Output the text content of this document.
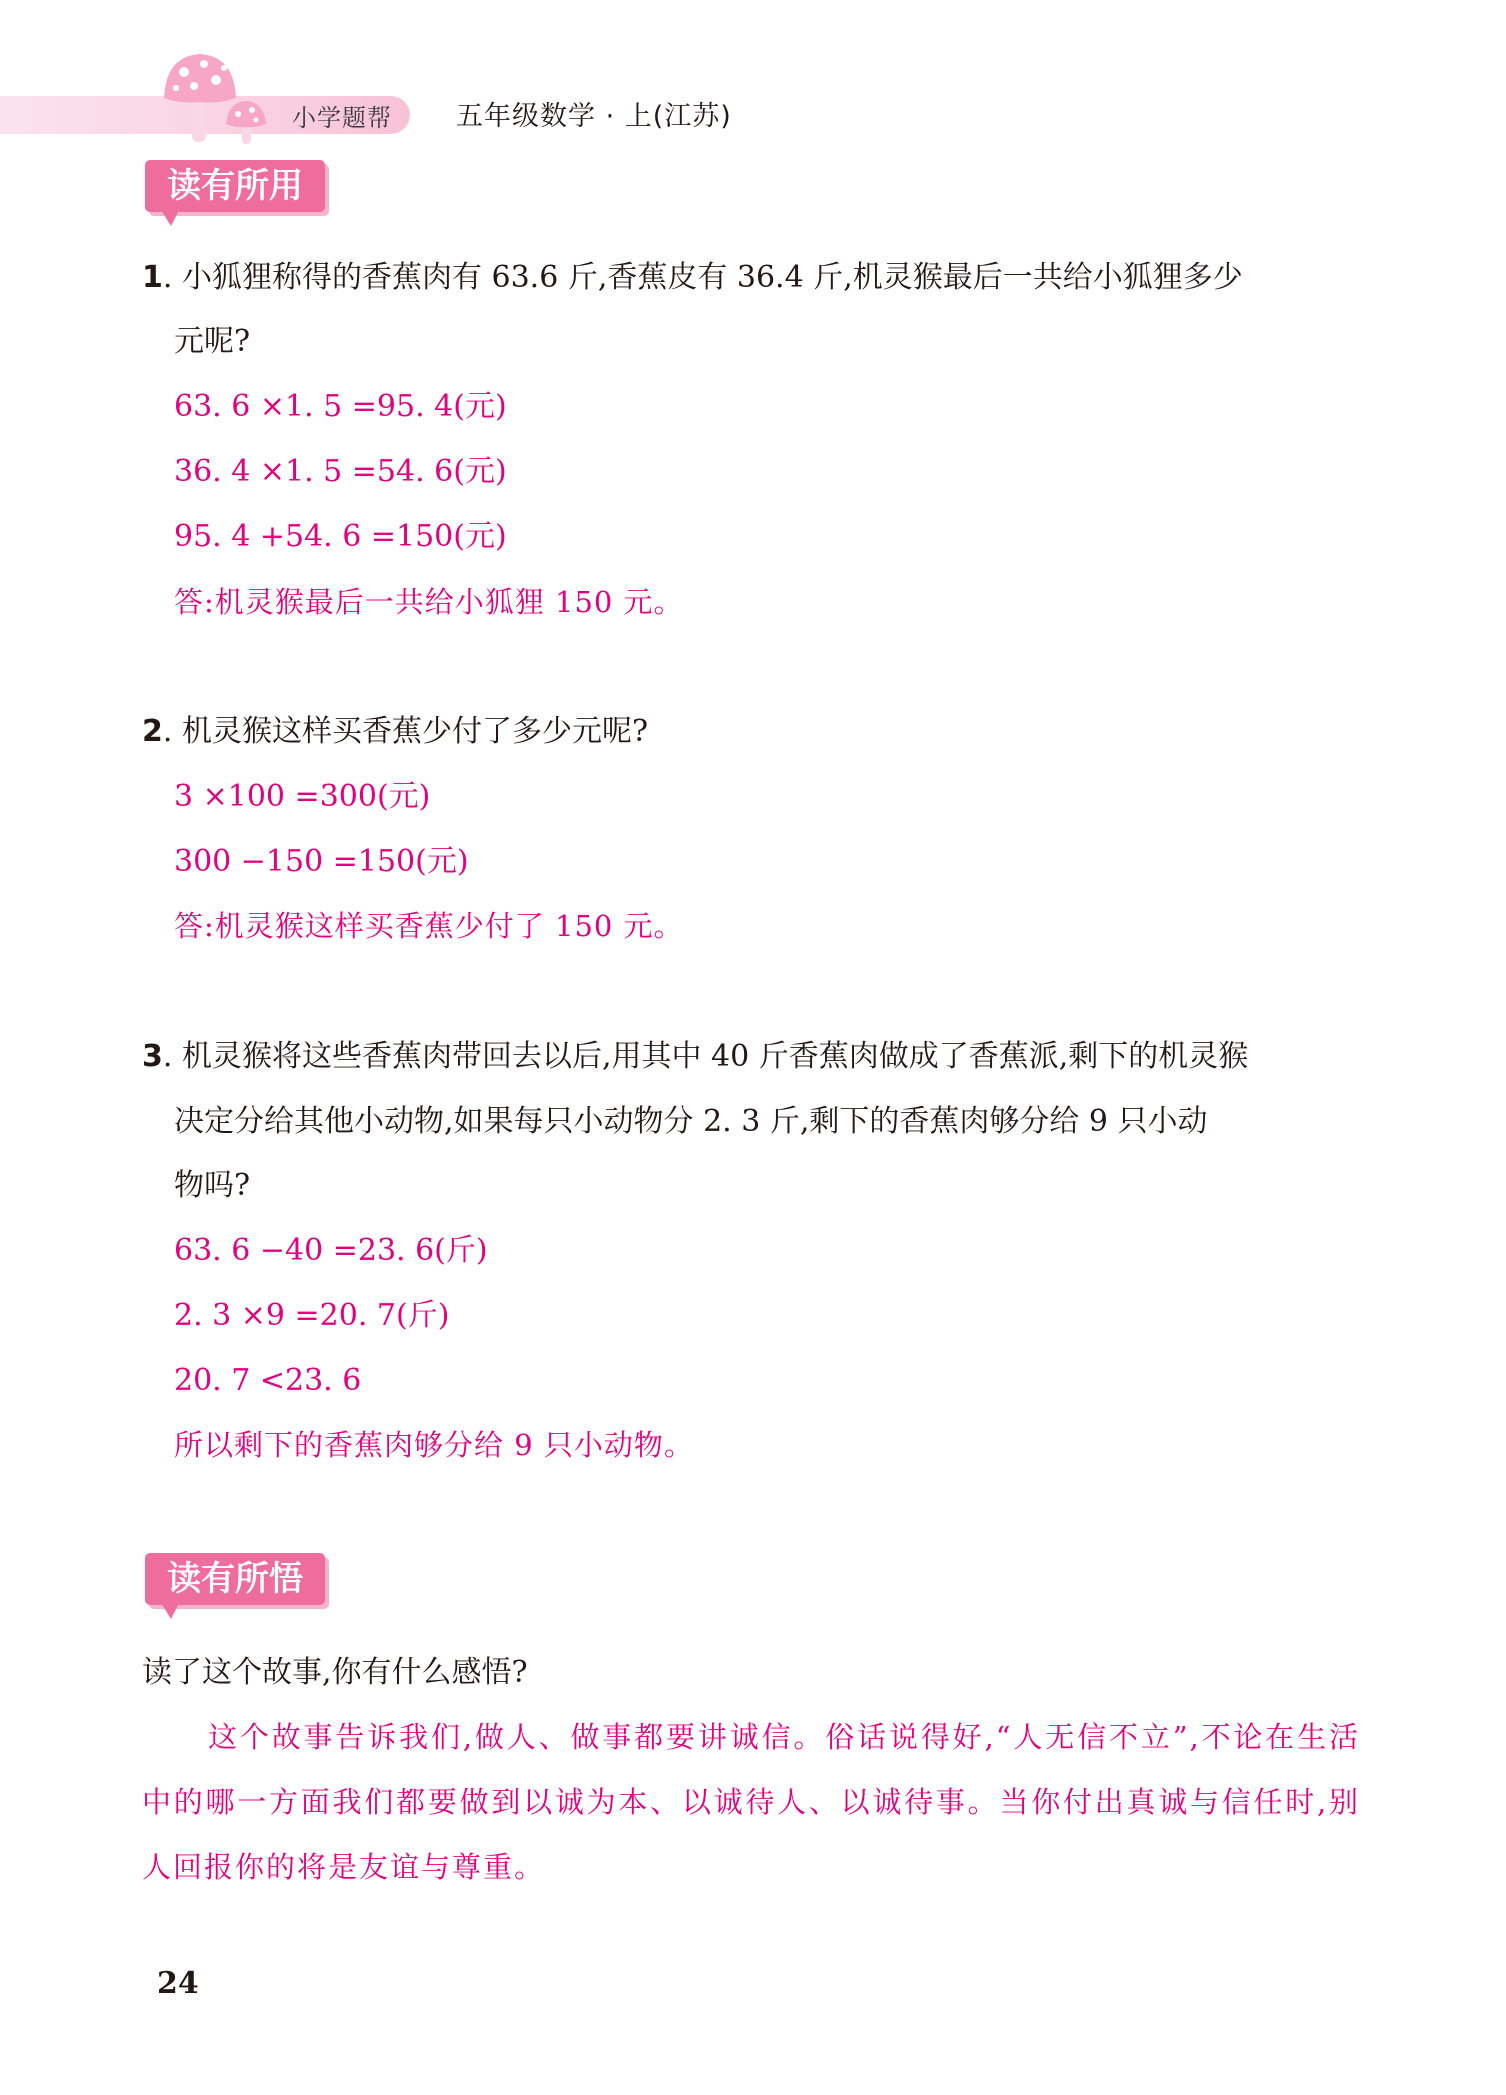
小学题帮 五年级数学 · 上(江苏)
读有所用
1. 小狐狸称得的香蕉肉有 63.6 斤,香蕉皮有 36.4 斤,机灵猴最后一共给小狐狸多少
元呢?
63. 6 ×1. 5 =95. 4(元)
36. 4 ×1. 5 =54. 6(元)
95. 4 +54. 6 =150(元)
答:机灵猴最后一共给小狐狸 150 元。
2. 机灵猴这样买香蕉少付了多少元呢?
3 ×100 =300(元)
300 −150 =150(元)
答:机灵猴这样买香蕉少付了 150 元。
3. 机灵猴将这些香蕉肉带回去以后,用其中 40 斤香蕉肉做成了香蕉派,剩下的机灵猴
决定分给其他小动物,如果每只小动物分 2. 3 斤,剩下的香蕉肉够分给 9 只小动
物吗?
63. 6 −40 =23. 6(斤)
2. 3 ×9 =20. 7(斤)
20. 7 <23. 6
所以剩下的香蕉肉够分给 9 只小动物。
读有所悟
读了这个故事,你有什么感悟?
这个故事告诉我们,做人、做事都要讲诚信。俗话说得好,“人无信不立”,不论在生活中的哪一方面我们都要做到以诚为本、以诚待人、以诚待事。当你付出真诚与信任时,别人回报你的将是友谊与尊重。
24
